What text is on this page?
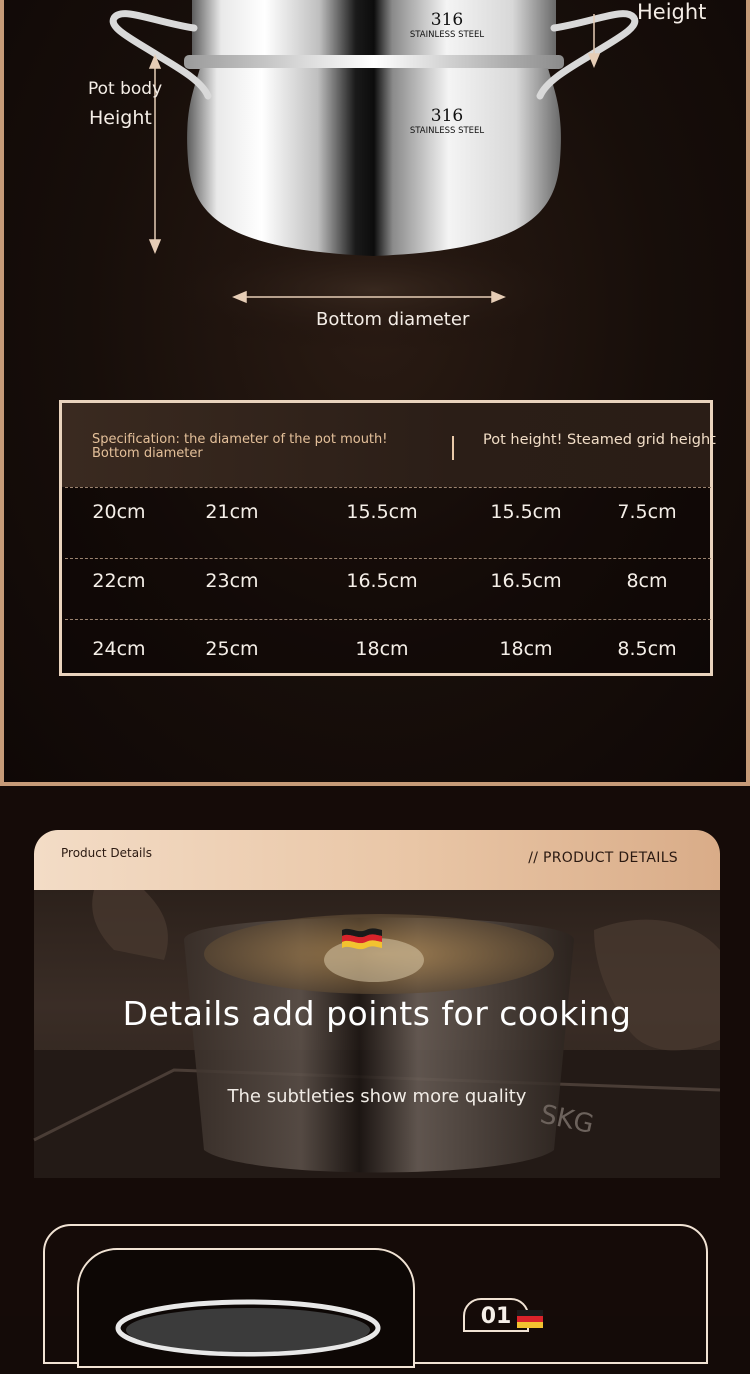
316
STAINLESS STEEL
316
STAINLESS STEEL
Pot body
Height
Height
Bottom diameter
Specification: the diameter of the pot mouth! Bottom diameter
Pot height! Steamed grid height
20cm	21cm	15.5cm	15.5cm	7.5cm
22cm	23cm	16.5cm	16.5cm	8cm
24cm	25cm	18cm	18cm	8.5cm
Product Details	// PRODUCT DETAILS
SKG
Details add points for cooking
The subtleties show more quality
01
